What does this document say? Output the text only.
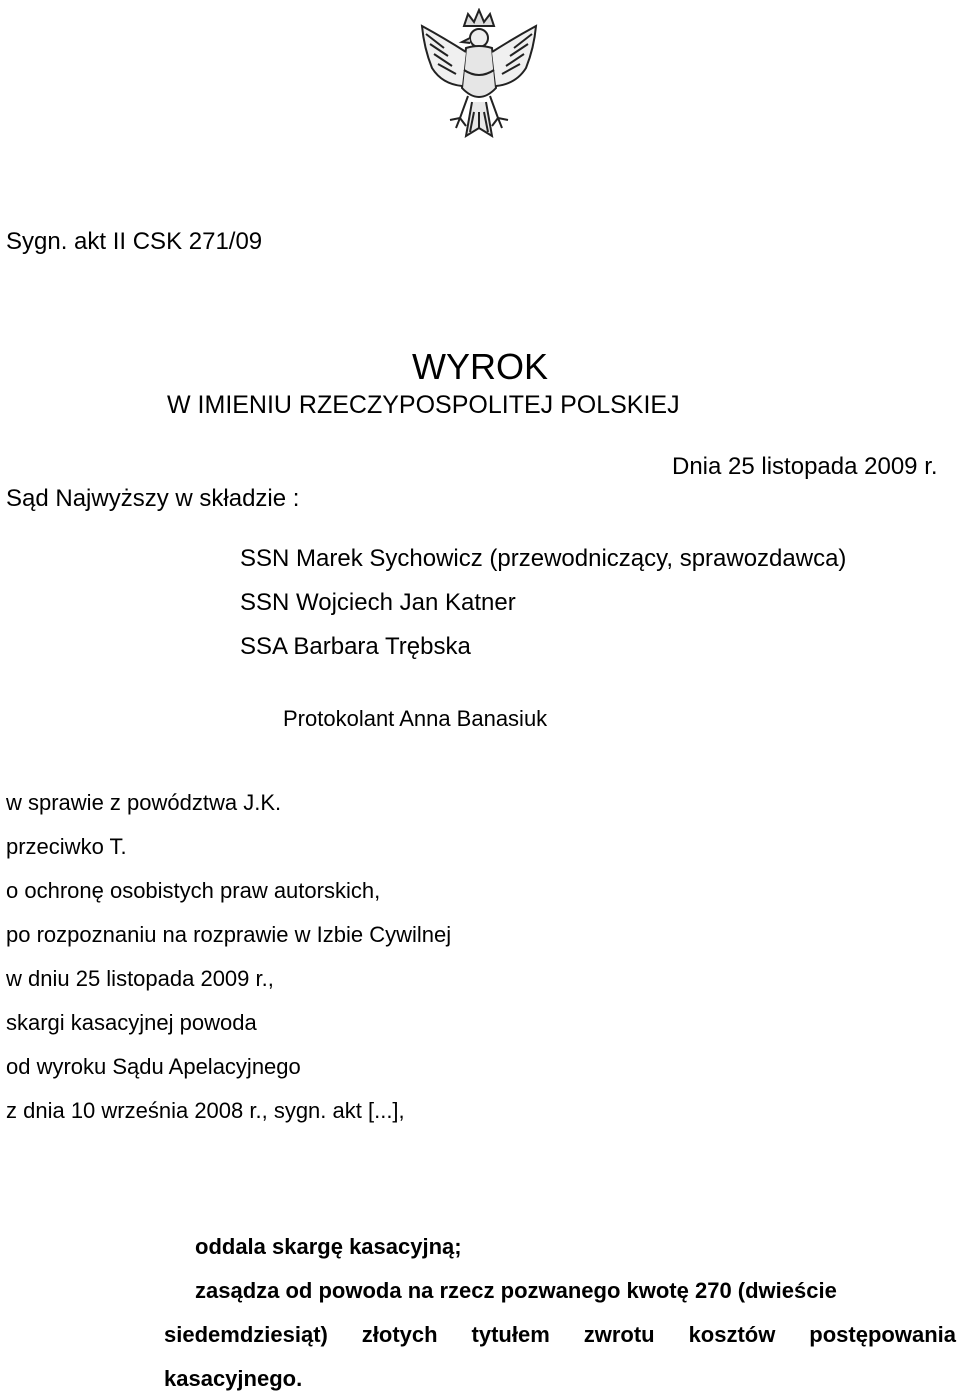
Sygn. akt II CSK 271/09
WYROK
W IMIENIU RZECZYPOSPOLITEJ POLSKIEJ
Dnia 25 listopada 2009 r.
Sąd Najwyższy w składzie :
SSN Marek Sychowicz (przewodniczący, sprawozdawca)
SSN Wojciech Jan Katner
SSA Barbara Trębska
Protokolant Anna Banasiuk
w sprawie z powództwa J.K.
przeciwko T.
o ochronę osobistych praw autorskich,
po rozpoznaniu na rozprawie w Izbie Cywilnej
w dniu 25 listopada 2009 r.,
skargi kasacyjnej powoda
od wyroku Sądu Apelacyjnego
z dnia 10 września 2008 r., sygn. akt [...],
oddala skargę kasacyjną;
zasądza od powoda na rzecz pozwanego kwotę 270 (dwieście
siedemdziesiąt) złotych tytułem zwrotu kosztów postępowania
kasacyjnego.
